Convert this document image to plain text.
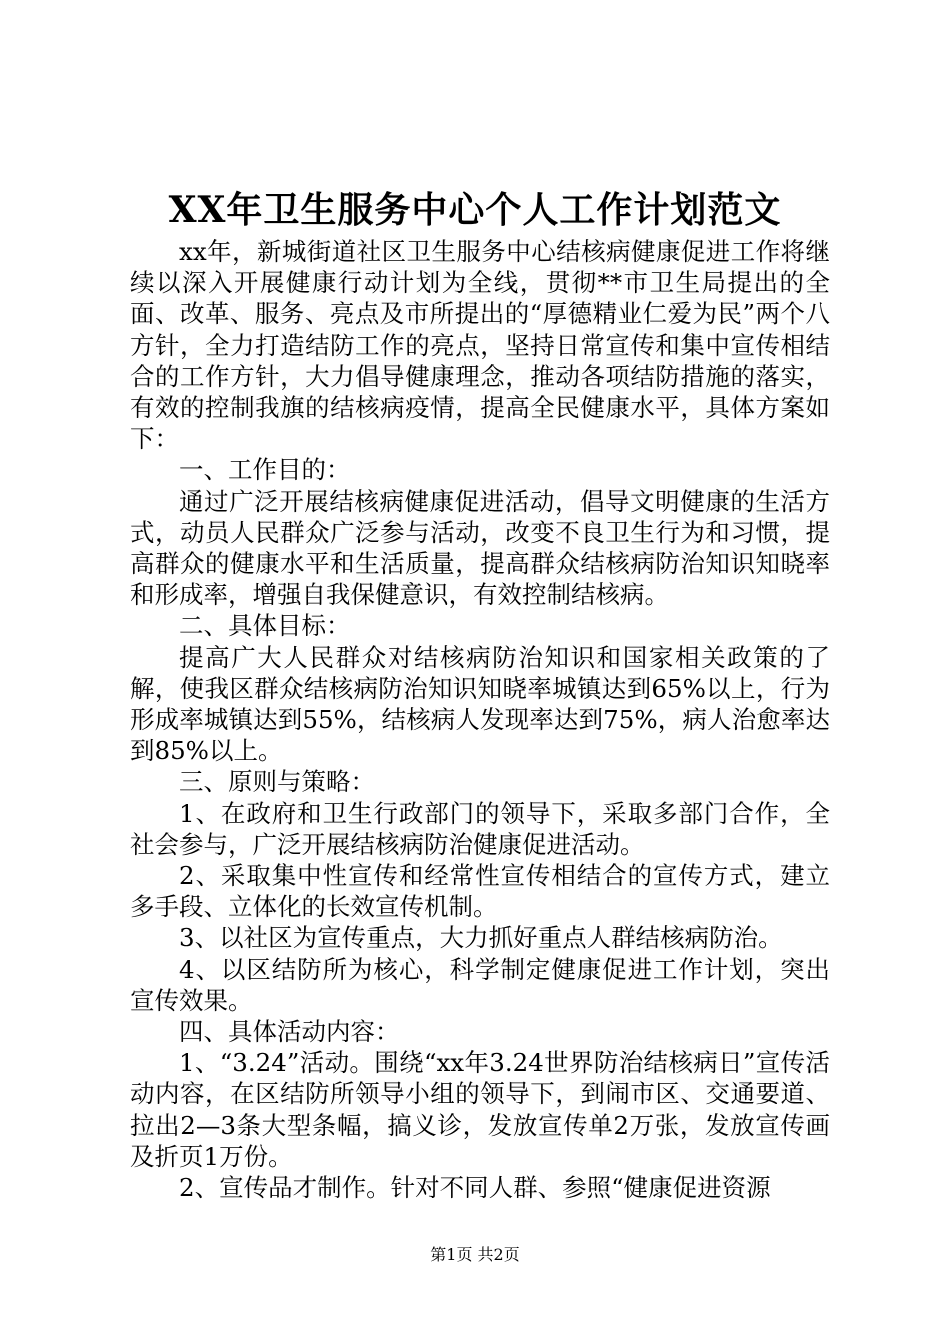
XX年卫生服务中心个人工作计划范文

xx年，新城街道社区卫生服务中心结核病健康促进工作将继续以深入开展健康行动计划为全线，贯彻**市卫生局提出的全面、改革、服务、亮点及市所提出的“厚德精业仁爱为民”两个八方针，全力打造结防工作的亮点，坚持日常宣传和集中宣传相结合的工作方针，大力倡导健康理念，推动各项结防措施的落实，有效的控制我旗的结核病疫情，提高全民健康水平，具体方案如下：

一、工作目的：

通过广泛开展结核病健康促进活动，倡导文明健康的生活方式，动员人民群众广泛参与活动，改变不良卫生行为和习惯，提高群众的健康水平和生活质量，提高群众结核病防治知识知晓率和形成率，增强自我保健意识，有效控制结核病。

二、具体目标：

提高广大人民群众对结核病防治知识和国家相关政策的了解，使我区群众结核病防治知识知晓率城镇达到65%以上，行为形成率城镇达到55%，结核病人发现率达到75%，病人治愈率达到85%以上。

三、原则与策略：

1、在政府和卫生行政部门的领导下，采取多部门合作，全社会参与，广泛开展结核病防治健康促进活动。

2、采取集中性宣传和经常性宣传相结合的宣传方式，建立多手段、立体化的长效宣传机制。

3、以社区为宣传重点，大力抓好重点人群结核病防治。

4、以区结防所为核心，科学制定健康促进工作计划，突出宣传效果。

四、具体活动内容：

1、“3.24”活动。围绕“xx年3.24世界防治结核病日”宣传活动内容，在区结防所领导小组的领导下，到闹市区、交通要道、拉出2—3条大型条幅，搞义诊，发放宣传单2万张，发放宣传画及折页1万份。

2、宣传品才制作。针对不同人群、参照“健康促进资源

第1页 共2页
